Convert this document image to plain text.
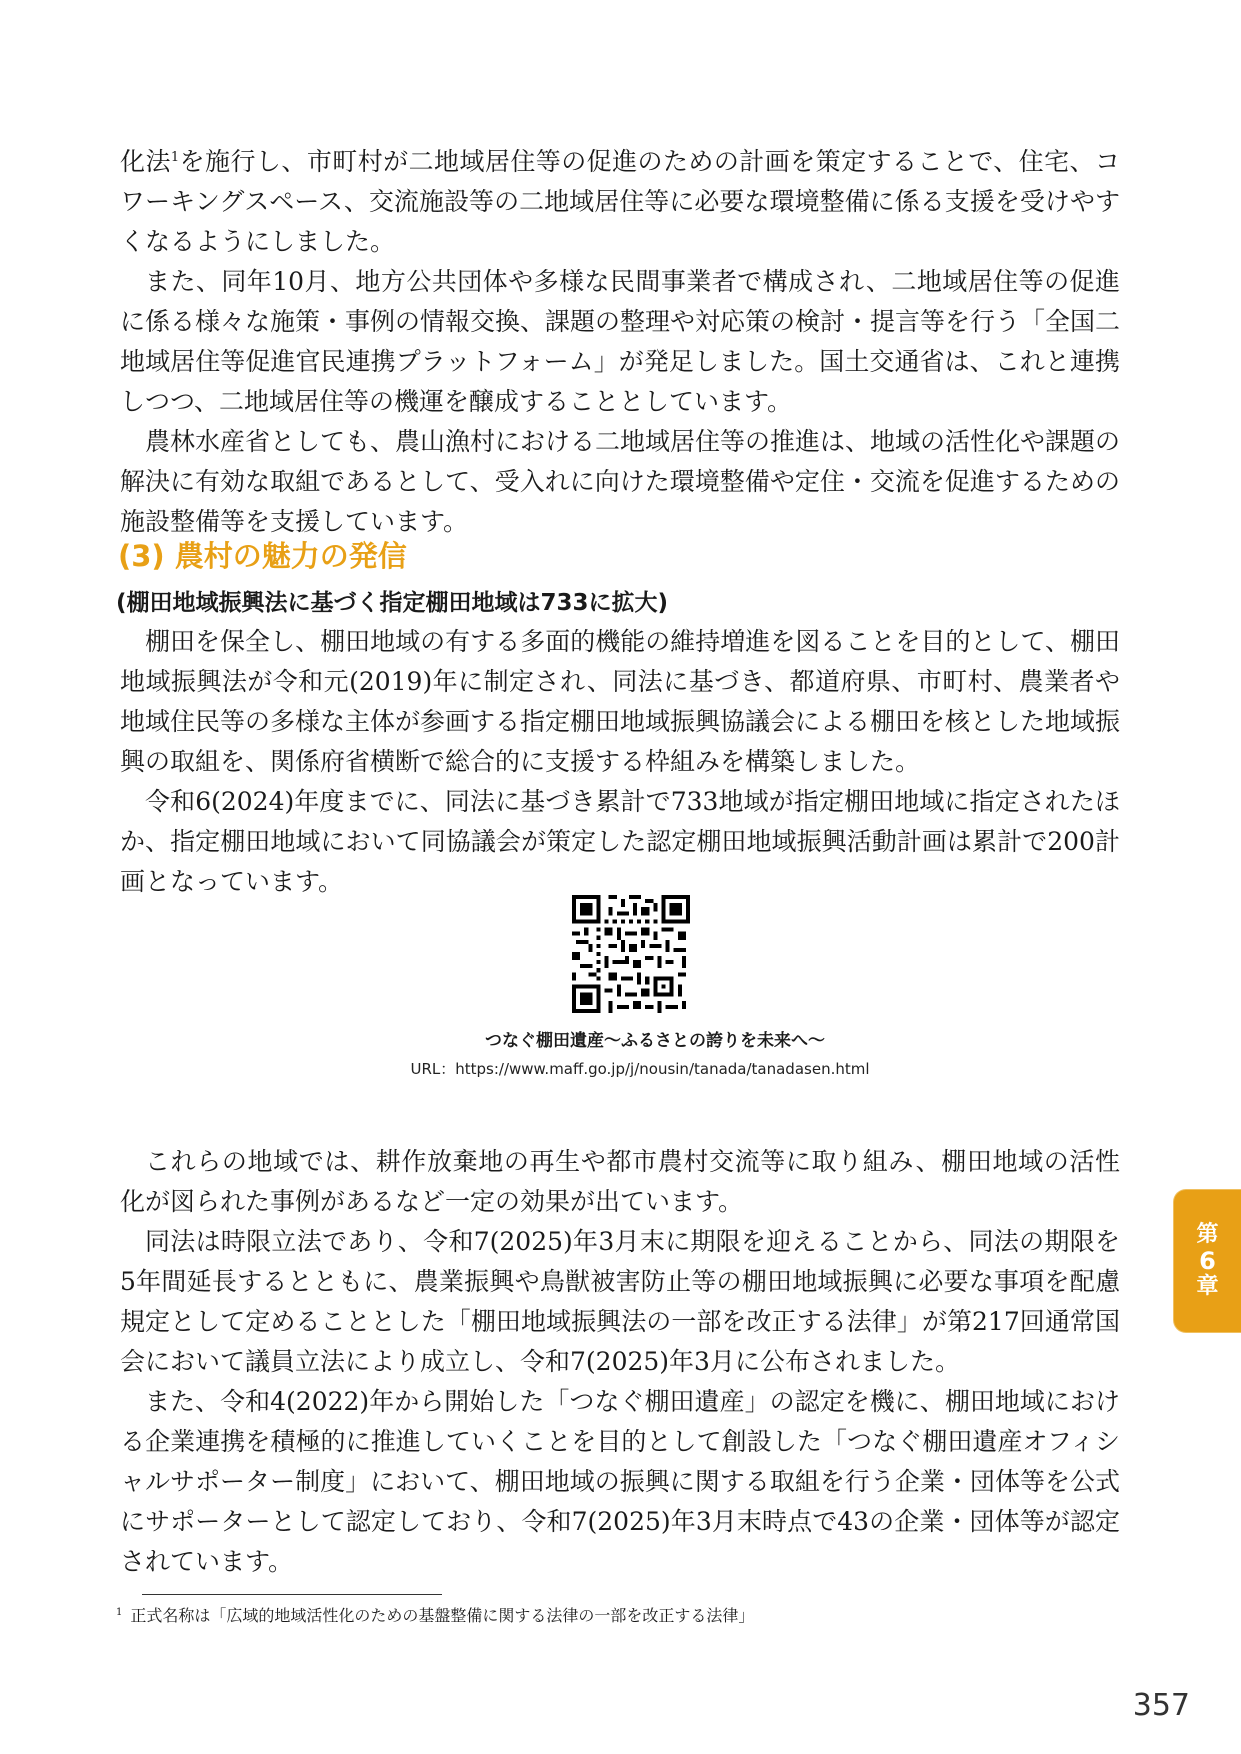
化法$^1$を施行し、市町村が二地域居住等の促進のための計画を策定することで、住宅、コワーキングスペース、交流施設等の二地域居住等に必要な環境整備に係る支援を受けやすくなるようにしました。

また、同年10月、地方公共団体や多様な民間事業者で構成され、二地域居住等の促進に係る様々な施策・事例の情報交換、課題の整理や対応策の検討・提言等を行う「全国二地域居住等促進官民連携プラットフォーム」が発足しました。国土交通省は、これと連携しつつ、二地域居住等の機運を醸成することとしています。

農林水産省としても、農山漁村における二地域居住等の推進は、地域の活性化や課題の解決に有効な取組であるとして、受入れに向けた環境整備や定住・交流を促進するための施設整備等を支援しています。

(3) 農村の魅力の発信
(棚田地域振興法に基づく指定棚田地域は733に拡大)

棚田を保全し、棚田地域の有する多面的機能の維持増進を図ることを目的として、棚田地域振興法が令和元(2019)年に制定され、同法に基づき、都道府県、市町村、農業者や地域住民等の多様な主体が参画する指定棚田地域振興協議会による棚田を核とした地域振興の取組を、関係府省横断で総合的に支援する枠組みを構築しました。

令和6(2024)年度までに、同法に基づき累計で733地域が指定棚田地域に指定されたほか、指定棚田地域において同協議会が策定した認定棚田地域振興活動計画は累計で200計画となっています。

つなぐ棚田遺産〜ふるさとの誇りを未来へ〜
URL：https://www.maff.go.jp/j/nousin/tanada/tanadasen.html

これらの地域では、耕作放棄地の再生や都市農村交流等に取り組み、棚田地域の活性化が図られた事例があるなど一定の効果が出ています。

同法は時限立法であり、令和7(2025)年3月末に期限を迎えることから、同法の期限を5年間延長するとともに、農業振興や鳥獣被害防止等の棚田地域振興に必要な事項を配慮規定として定めることとした「棚田地域振興法の一部を改正する法律」が第217回通常国会において議員立法により成立し、令和7(2025)年3月に公布されました。

また、令和4(2022)年から開始した「つなぐ棚田遺産」の認定を機に、棚田地域における企業連携を積極的に推進していくことを目的として創設した「つなぐ棚田遺産オフィシャルサポーター制度」において、棚田地域の振興に関する取組を行う企業・団体等を公式にサポーターとして認定しており、令和7(2025)年3月末時点で43の企業・団体等が認定されています。

$^1$ 正式名称は「広域的地域活性化のための基盤整備に関する法律の一部を改正する法律」
第
6
章
357
